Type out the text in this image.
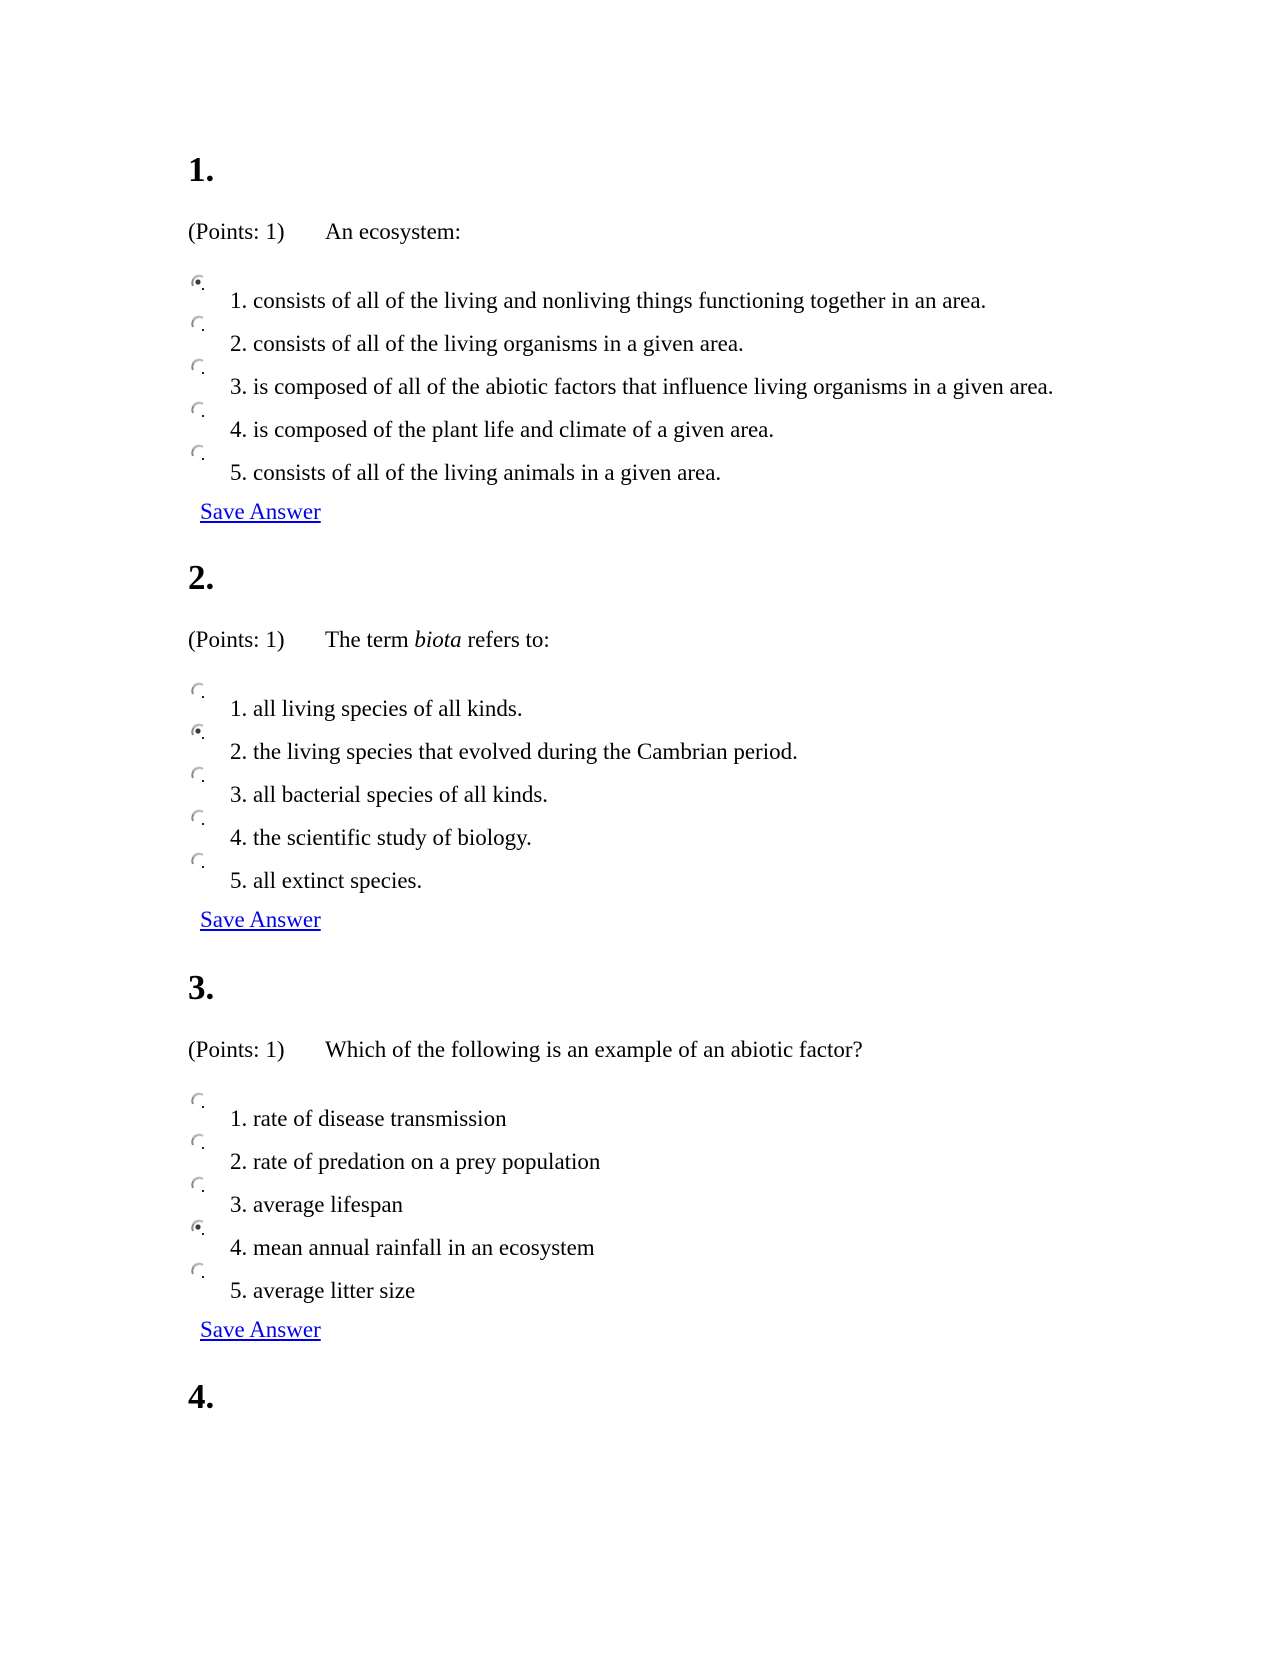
1.
(Points: 1) An ecosystem:
1. consists of all of the living and nonliving things functioning together in an area.
2. consists of all of the living organisms in a given area.
3. is composed of all of the abiotic factors that influence living organisms in a given area.
4. is composed of the plant life and climate of a given area.
5. consists of all of the living animals in a given area.
Save Answer
2.
(Points: 1) The term biota refers to:
1. all living species of all kinds.
2. the living species that evolved during the Cambrian period.
3. all bacterial species of all kinds.
4. the scientific study of biology.
5. all extinct species.
Save Answer
3.
(Points: 1) Which of the following is an example of an abiotic factor?
1. rate of disease transmission
2. rate of predation on a prey population
3. average lifespan
4. mean annual rainfall in an ecosystem
5. average litter size
Save Answer
4.
